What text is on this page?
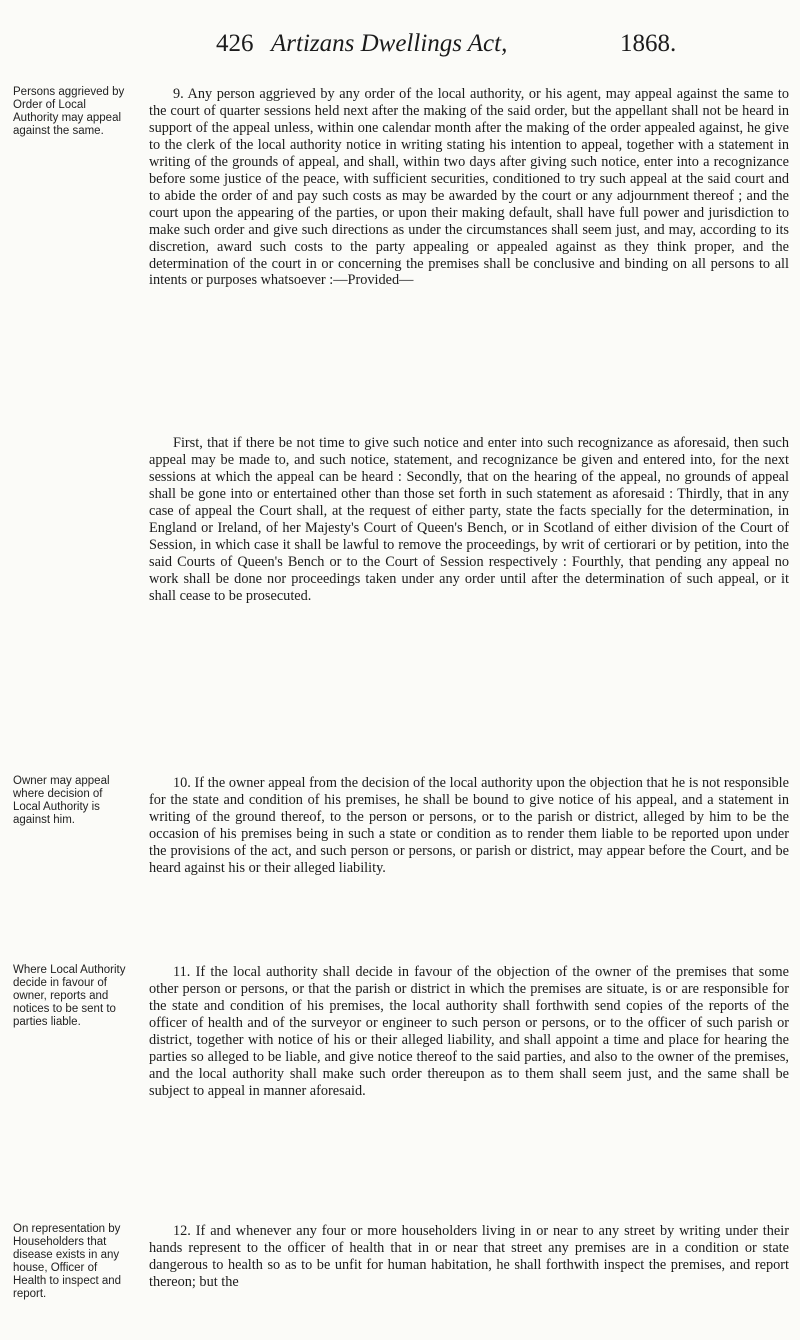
426 Artizans Dwellings Act,	1868.
Persons aggrieved by Order of Local Authority may appeal against the same.
Owner may appeal where decision of Local Authority is against him.
Where Local Authority decide in favour of owner, reports and notices to be sent to parties liable.
On representation by Householders that disease exists in any house, Officer of Health to inspect and report.

9. Any person aggrieved by any order of the local authority, or his agent, may appeal against the same to the court of quarter sessions held next after the making of the said order, but the appellant shall not be heard in support of the appeal unless, within one calendar month after the making of the order appealed against, he give to the clerk of the local authority notice in writing stating his intention to appeal, together with a statement in writing of the grounds of appeal, and shall, within two days after giving such notice, enter into a recognizance before some justice of the peace, with sufficient securities, conditioned to try such appeal at the said court and to abide the order of and pay such costs as may be awarded by the court or any adjournment thereof ; and the court upon the appearing of the parties, or upon their making default, shall have full power and jurisdiction to make such order and give such directions as under the circumstances shall seem just, and may, according to its discretion, award such costs to the party appealing or appealed against as they think proper, and the determination of the court in or concerning the premises shall be conclusive and binding on all persons to all intents or purposes whatsoever :—Provided—

First, that if there be not time to give such notice and enter into such recognizance as aforesaid, then such appeal may be made to, and such notice, statement, and recognizance be given and entered into, for the next sessions at which the appeal can be heard : Secondly, that on the hearing of the appeal, no grounds of appeal shall be gone into or entertained other than those set forth in such statement as aforesaid : Thirdly, that in any case of appeal the Court shall, at the request of either party, state the facts specially for the determination, in England or Ireland, of her Majesty's Court of Queen's Bench, or in Scotland of either division of the Court of Session, in which case it shall be lawful to remove the proceedings, by writ of certiorari or by petition, into the said Courts of Queen's Bench or to the Court of Session respectively : Fourthly, that pending any appeal no work shall be done nor proceedings taken under any order until after the determination of such appeal, or it shall cease to be prosecuted.

10. If the owner appeal from the decision of the local authority upon the objection that he is not responsible for the state and condition of his premises, he shall be bound to give notice of his appeal, and a statement in writing of the ground thereof, to the person or persons, or to the parish or district, alleged by him to be the occasion of his premises being in such a state or condition as to render them liable to be reported upon under the provisions of the act, and such person or persons, or parish or district, may appear before the Court, and be heard against his or their alleged liability.

11. If the local authority shall decide in favour of the objection of the owner of the premises that some other person or persons, or that the parish or district in which the premises are situate, is or are responsible for the state and condition of his premises, the local authority shall forthwith send copies of the reports of the officer of health and of the surveyor or engineer to such person or persons, or to the officer of such parish or district, together with notice of his or their alleged liability, and shall appoint a time and place for hearing the parties so alleged to be liable, and give notice thereof to the said parties, and also to the owner of the premises, and the local authority shall make such order thereupon as to them shall seem just, and the same shall be subject to appeal in manner aforesaid.

12. If and whenever any four or more householders living in or near to any street by writing under their hands represent to the officer of health that in or near that street any premises are in a condition or state dangerous to health so as to be unfit for human habitation, he shall forthwith inspect the premises, and report thereon; but the
